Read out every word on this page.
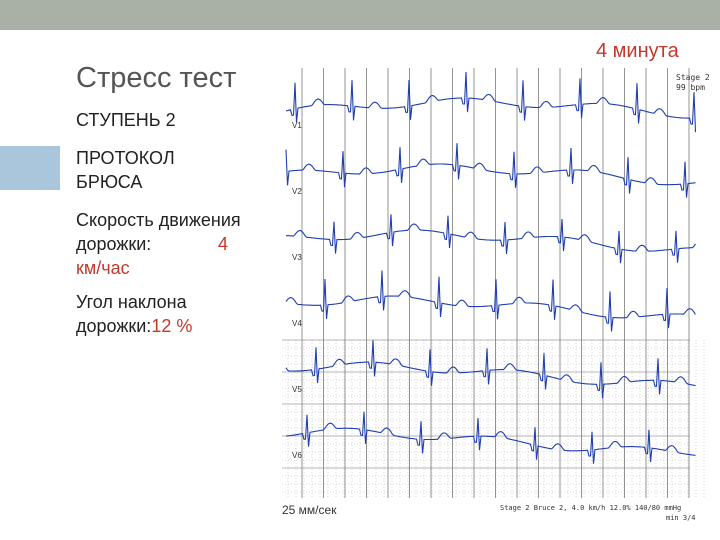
Стресс тест
4 минута
СТУПЕНЬ 2
ПРОТОКОЛ
БРЮСА
Скорость движения
дорожки:	4
км/час
Угол наклона
дорожки:12 %
V1
V2
V3
V4
V5
V6
Stage 2
99 bpm
25 мм/сек	Stage 2 Bruce 2, 4.0 km/h 12.0% 140/80 mmHg
min 3/4
